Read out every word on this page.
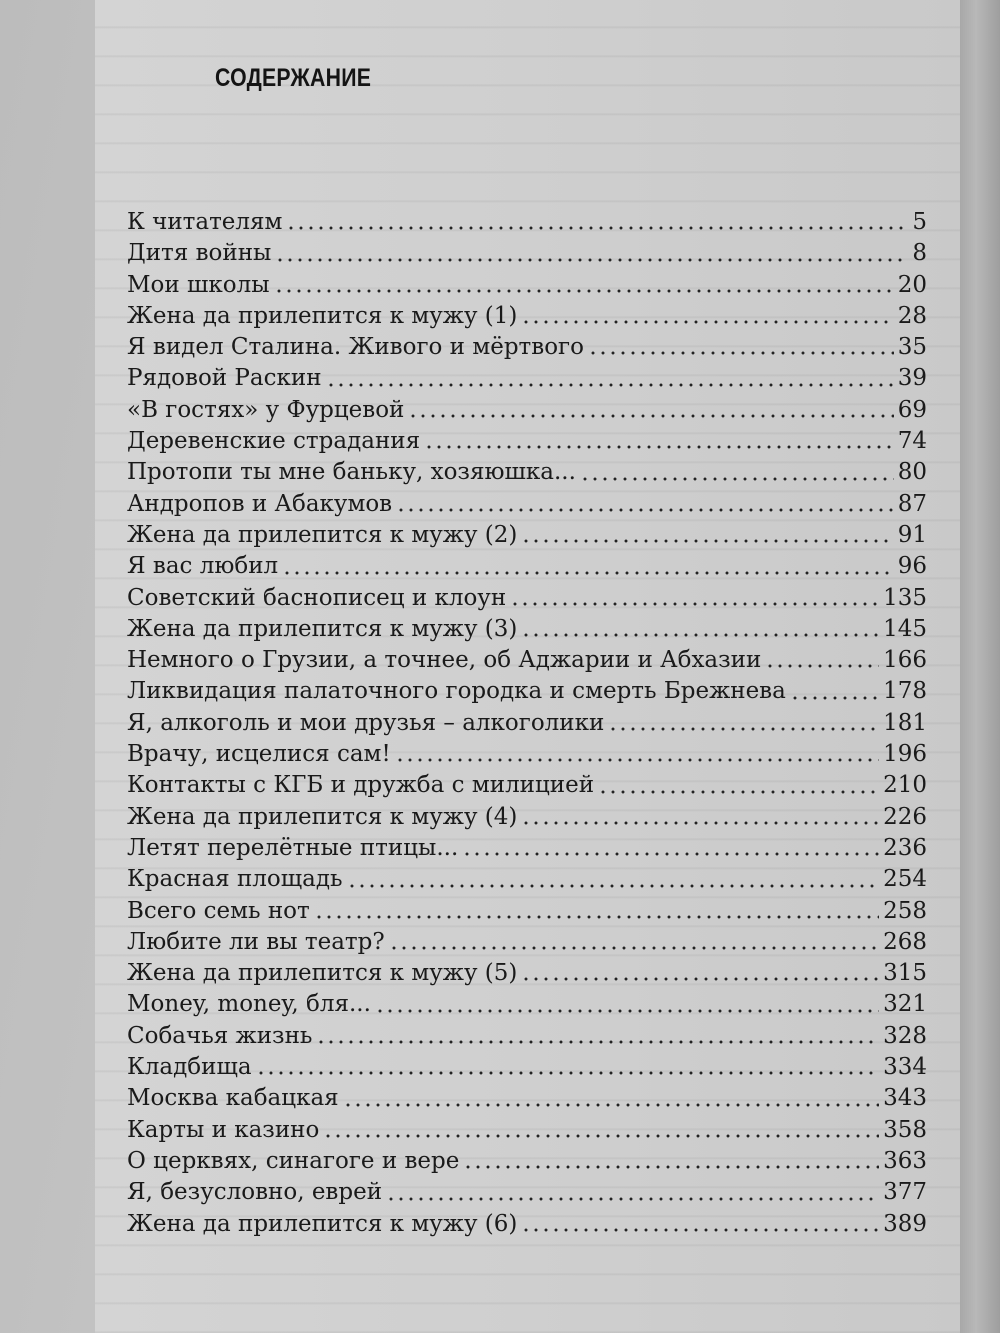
СОДЕРЖАНИЕ
К читателям	5
Дитя войны	8
Мои школы	20
Жена да прилепится к мужу (1)	28
Я видел Сталина. Живого и мёртвого	35
Рядовой Раскин	39
«В гостях» у Фурцевой	69
Деревенские страдания	74
Протопи ты мне баньку, хозяюшка...	80
Андропов и Абакумов	87
Жена да прилепится к мужу (2)	91
Я вас любил	96
Советский баснописец и клоун	135
Жена да прилепится к мужу (3)	145
Немного о Грузии, а точнее, об Аджарии и Абхазии	166
Ликвидация палаточного городка и смерть Брежнева	178
Я, алкоголь и мои друзья – алкоголики	181
Врачу, исцелися сам!	196
Контакты с КГБ и дружба с милицией	210
Жена да прилепится к мужу (4)	226
Летят перелётные птицы...	236
Красная площадь	254
Всего семь нот	258
Любите ли вы театр?	268
Жена да прилепится к мужу (5)	315
Money, money, бля...	321
Собачья жизнь	328
Кладбища	334
Москва кабацкая	343
Карты и казино	358
О церквях, синагоге и вере	363
Я, безусловно, еврей	377
Жена да прилепится к мужу (6)	389
